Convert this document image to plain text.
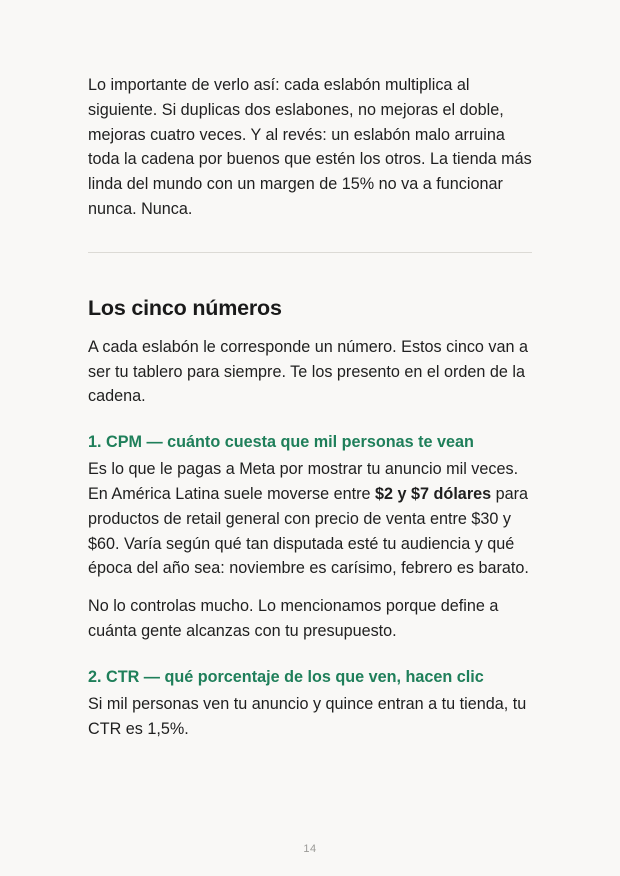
Lo importante de verlo así: cada eslabón multiplica al siguiente. Si duplicas dos eslabones, no mejoras el doble, mejoras cuatro veces. Y al revés: un eslabón malo arruina toda la cadena por buenos que estén los otros. La tienda más linda del mundo con un margen de 15% no va a funcionar nunca. Nunca.

Los cinco números

A cada eslabón le corresponde un número. Estos cinco van a ser tu tablero para siempre. Te los presento en el orden de la cadena.

1. CPM — cuánto cuesta que mil personas te vean

Es lo que le pagas a Meta por mostrar tu anuncio mil veces. En América Latina suele moverse entre $2 y $7 dólares para productos de retail general con precio de venta entre $30 y $60. Varía según qué tan disputada esté tu audiencia y qué época del año sea: noviembre es carísimo, febrero es barato.

No lo controlas mucho. Lo mencionamos porque define a cuánta gente alcanzas con tu presupuesto.

2. CTR — qué porcentaje de los que ven, hacen clic

Si mil personas ven tu anuncio y quince entran a tu tienda, tu CTR es 1,5%.

14
